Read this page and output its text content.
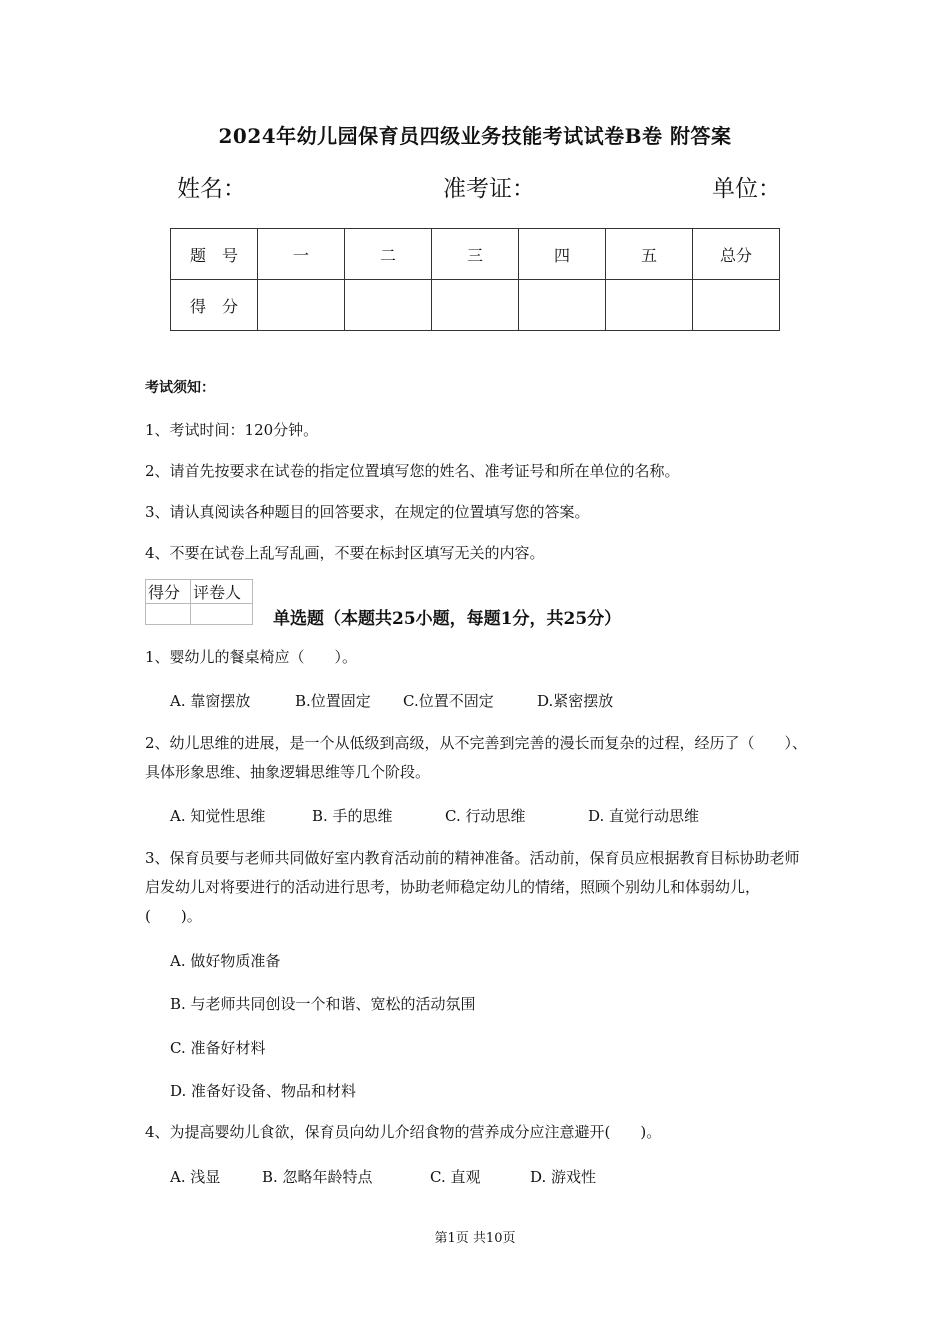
2024年幼儿园保育员四级业务技能考试试卷B卷 附答案
姓名：	准考证：	单位：
题　号	一	二	三	四	五	总分
得　分						
考试须知：
1、考试时间：120分钟。
2、请首先按要求在试卷的指定位置填写您的姓名、准考证号和所在单位的名称。
3、请认真阅读各种题目的回答要求，在规定的位置填写您的答案。
4、不要在试卷上乱写乱画，不要在标封区填写无关的内容。
得分	评卷人

单选题（本题共25小题，每题1分，共25分）
1、婴幼儿的餐桌椅应（　　）。
A. 靠窗摆放	B.位置固定 C.位置不固定	D.紧密摆放
2、幼儿思维的进展，是一个从低级到高级，从不完善到完善的漫长而复杂的过程，经历了（　　）、具体形象思维、抽象逻辑思维等几个阶段。
A. 知觉性思维	B. 手的思维	C. 行动思维	D. 直觉行动思维
3、保育员要与老师共同做好室内教育活动前的精神准备。活动前，保育员应根据教育目标协助老师启发幼儿对将要进行的活动进行思考，协助老师稳定幼儿的情绪，照顾个别幼儿和体弱幼儿，(　　)。
A. 做好物质准备
B. 与老师共同创设一个和谐、宽松的活动氛围
C. 准备好材料
D. 准备好设备、物品和材料
4、为提高婴幼儿食欲，保育员向幼儿介绍食物的营养成分应注意避开(　　)。
A. 浅显	B. 忽略年龄特点	C. 直观	D. 游戏性
第1页 共10页
